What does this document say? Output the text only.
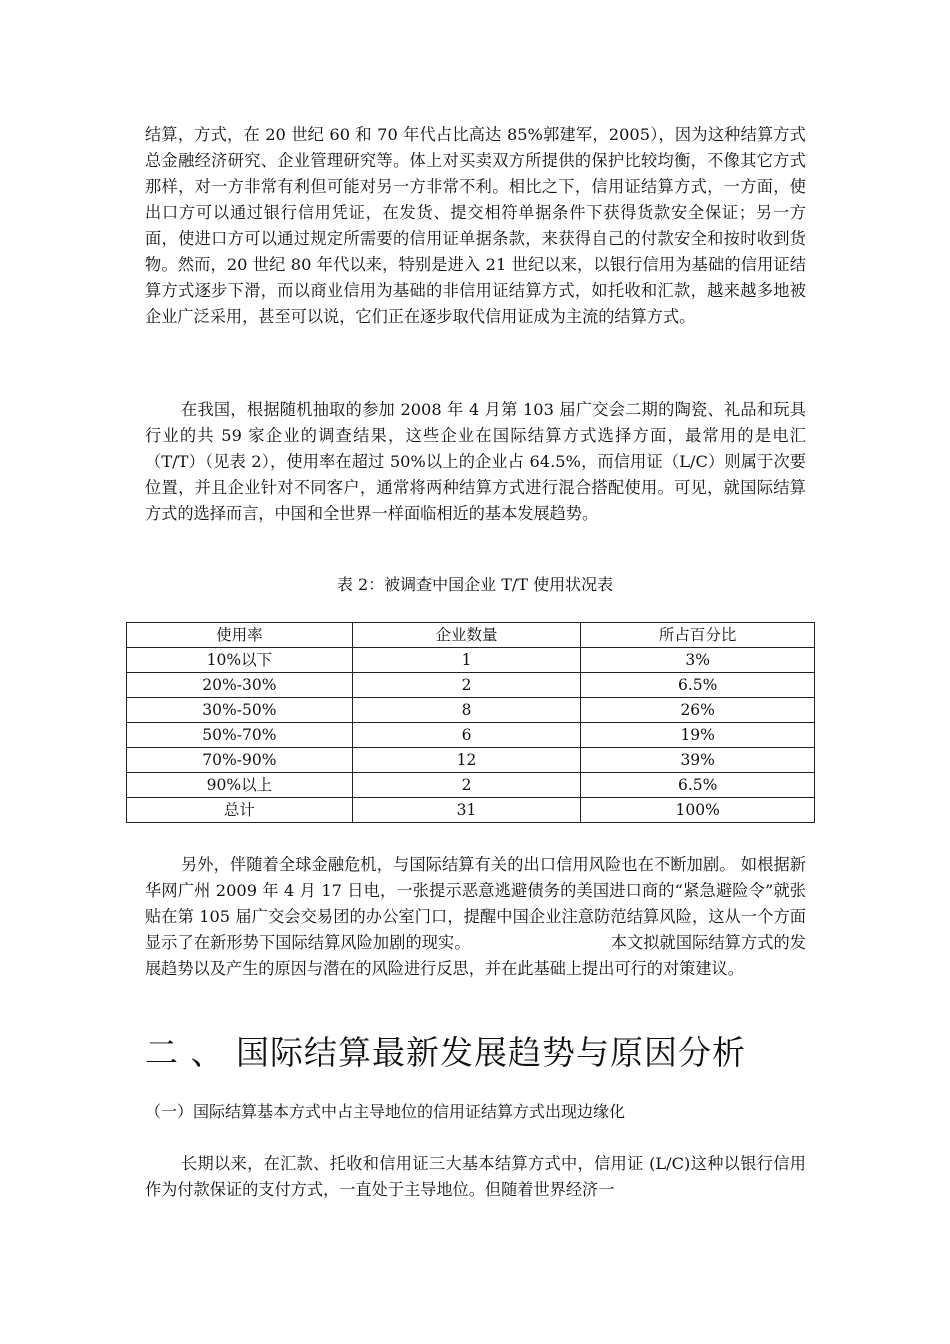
结算，方式，在 20 世纪 60 和 70 年代占比高达 85%郭建军，2005），因为这种结算方式总金融经济研究、企业管理研究等。体上对买卖双方所提供的保护比较均衡，不像其它方式那样，对一方非常有利但可能对另一方非常不利。相比之下，信用证结算方式，一方面，使出口方可以通过银行信用凭证，在发货、提交相符单据条件下获得货款安全保证；另一方面，使进口方可以通过规定所需要的信用证单据条款，来获得自己的付款安全和按时收到货物。然而，20 世纪 80 年代以来，特别是进入 21 世纪以来，以银行信用为基础的信用证结算方式逐步下滑，而以商业信用为基础的非信用证结算方式，如托收和汇款，越来越多地被企业广泛采用，甚至可以说，它们正在逐步取代信用证成为主流的结算方式。

在我国，根据随机抽取的参加 2008 年 4 月第 103 届广交会二期的陶瓷、礼品和玩具行业的共 59 家企业的调查结果，这些企业在国际结算方式选择方面，最常用的是电汇（T/T）（见表 2），使用率在超过 50%以上的企业占 64.5%，而信用证（L/C）则属于次要位置，并且企业针对不同客户，通常将两种结算方式进行混合搭配使用。可见，就国际结算方式的选择而言，中国和全世界一样面临相近的基本发展趋势。

表 2：被调查中国企业 T/T 使用状况表

使用率	企业数量	所占百分比
10%以下	1	3%
20%-30%	2	6.5%
30%-50%	8	26%
50%-70%	6	19%
70%-90%	12	39%
90%以上	2	6.5%
总计	31	100%

另外，伴随着全球金融危机，与国际结算有关的出口信用风险也在不断加剧。 如根据新华网广州 2009 年 4 月 17 日电，一张提示恶意逃避债务的美国进口商的“紧急避险令”就张贴在第 105 届广交会交易团的办公室门口，提醒中国企业注意防范结算风险，这从一个方面显示了在新形势下国际结算风险加剧的现实。	本文拟就国际结算方式的发展趋势以及产生的原因与潜在的风险进行反思，并在此基础上提出可行的对策建议。

二 、 国际结算最新发展趋势与原因分析

（一）国际结算基本方式中占主导地位的信用证结算方式出现边缘化

长期以来，在汇款、托收和信用证三大基本结算方式中，信用证 (L/C)这种以银行信用作为付款保证的支付方式，一直处于主导地位。但随着世界经济一
